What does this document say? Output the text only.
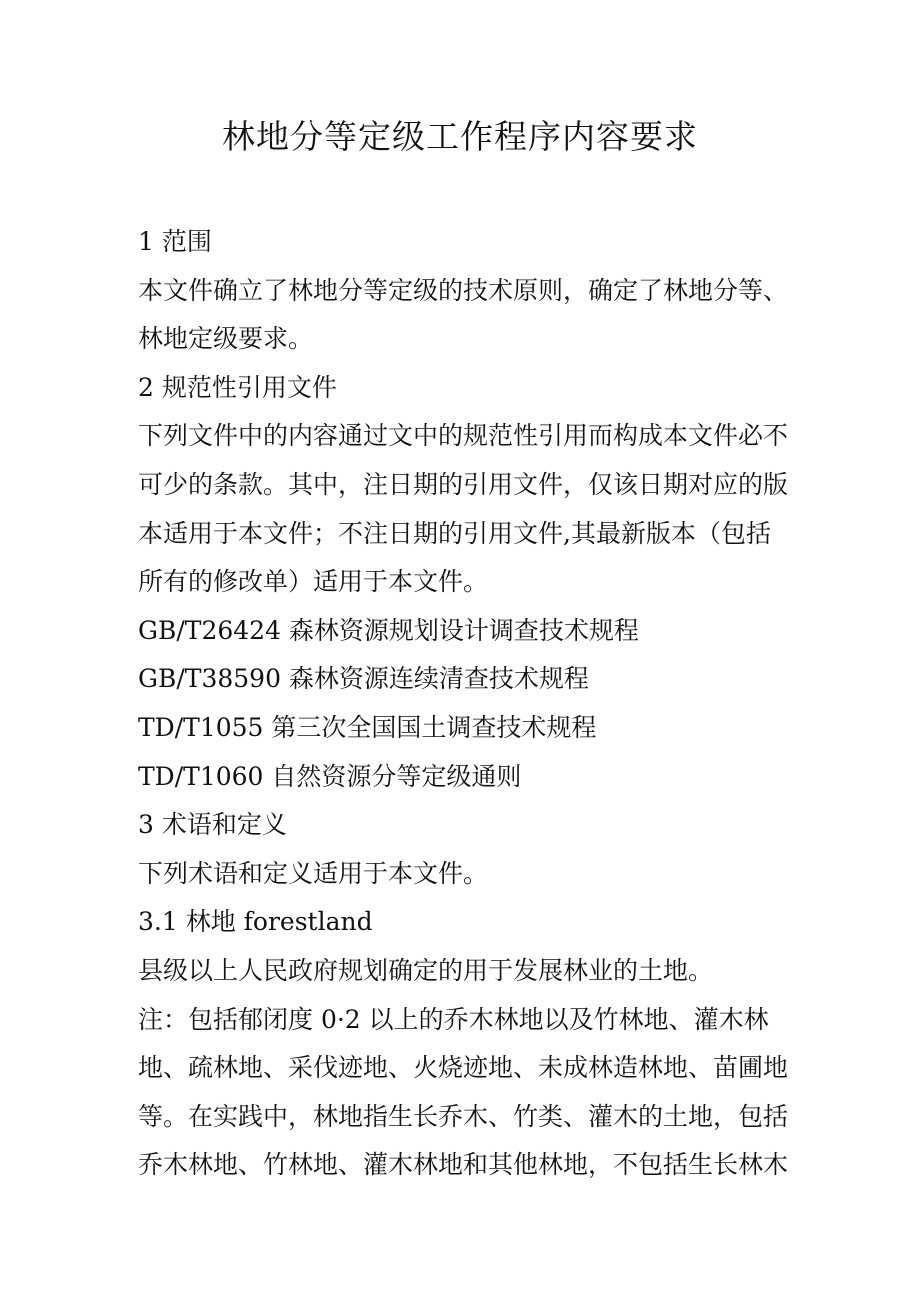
林地分等定级工作程序内容要求

1 范围

本文件确立了林地分等定级的技术原则，确定了林地分等、

林地定级要求。

2 规范性引用文件

下列文件中的内容通过文中的规范性引用而构成本文件必不

可少的条款。其中，注日期的引用文件，仅该日期对应的版

本适用于本文件；不注日期的引用文件,其最新版本（包括

所有的修改单）适用于本文件。

GB/T26424 森林资源规划设计调查技术规程

GB/T38590 森林资源连续清查技术规程

TD/T1055 第三次全国国土调查技术规程

TD/T1060 自然资源分等定级通则

3 术语和定义

下列术语和定义适用于本文件。

3.1 林地 forestland

县级以上人民政府规划确定的用于发展林业的土地。

注：包括郁闭度 0·2 以上的乔木林地以及竹林地、灌木林

地、疏林地、采伐迹地、火烧迹地、未成林造林地、苗圃地

等。在实践中，林地指生长乔木、竹类、灌木的土地，包括

乔木林地、竹林地、灌木林地和其他林地，不包括生长林木
